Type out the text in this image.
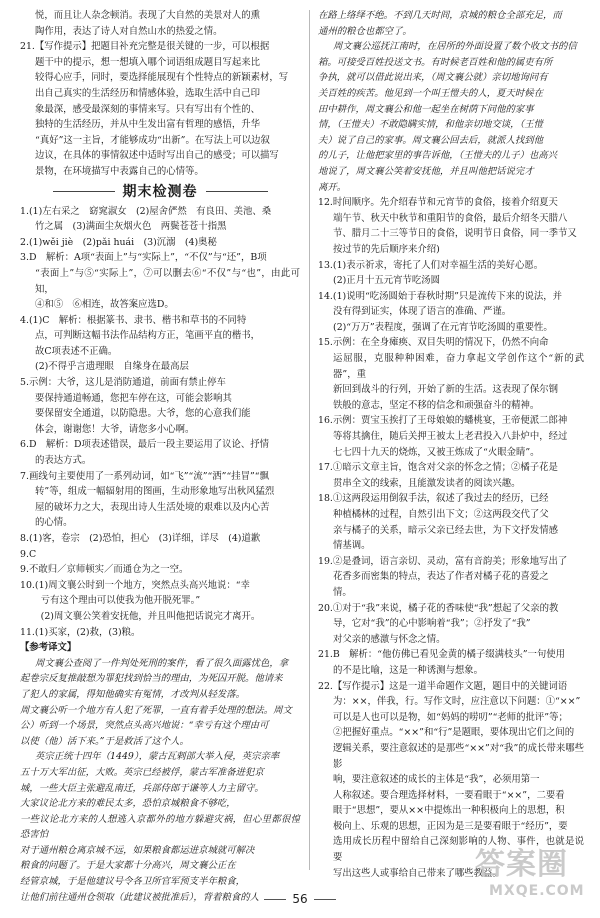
悦，而且让人杂念顿消。表现了大自然的美景对人的熏
陶作用，表达了诗人对自然山水的热爱之情。
21.【写作提示】把题目补充完整是很关键的一步，可以根据
题干中的提示，想一想填入哪个词语组成题目写起来比
较得心应手，同时，要选择能展现有个性特点的新颖素材，写
出自己真实的生活经历和情感体验，选取生活中自己印
象最深，感受最深刻的事情来写。只有写出有个性的、
独特的生活经历，并从中生发出富有哲理的感悟，升华
“真好”这一主旨，才能够成功“出新”。在写法上可以边叙
边议，在具体的事情叙述中适时写出自己的感受；可以描写
景物，在环境描写中表露自己的心情等。
期末检测卷
1.(1)左右采之　窈窕淑女　(2)屋舍俨然　有良田、美池、桑
竹之属　(3)满面尘灰烟火色　两鬓苍苍十指黑
2.(1)wěi jiè　(2)pǎi huái　(3)沉溺　(4)奥秘
3.D　解析：A项“表面上”与“实际上”，“不仅”与“还”，B项
“表面上”与⑤“实际上”，⑦可以删去⑥“不仅”与“也”，由此可知，
④和⑤　⑥相连，故答案应选D。
4.(1)C　解析：根据篆书、隶书、楷书和草书的不同特
点，可判断这幅书法作品结构方正，笔画平直的楷书，
故C项表述不正确。
(2)不得乎言遗理眼　自缘身在最高层
5.示例：大爷，这儿是消防通道，前面有禁止停车
要保持通道畅通，您把车停在这，可能会影响其
要保留安全通道，以防隐患。大爷，您的心意我们能
体会，谢谢您！大爷，请您多小心啊。
6.D　解析：D项表述错误，最后一段主要运用了议论、抒情
的表达方式。
7.画线句主要使用了一系列动词，如“飞”“流”“洒”“挂冒”“飘
转”等，组成一幅辐射用的图画，生动形象地写出秋风猛烈
屋的破坏力之大，表现出诗人生活处境的艰难以及内心苦
的心情。
8.(1)客，卷宗　(2)恐怕，担心　(3)详细，详尽　(4)道歉
9.C
9.不敢归／京师顿实／而通仓为之一空。
10.(1)周文襄公时到一个地方，突然点头高兴地说：“幸
亏有这个理由可以使我为他开脱死罪。”
(2)周文襄公笑着安抚他，并且叫他把话说完才离开。
11.(1)买家，(2)救，(3)粮。
【参考译文】
周文襄公查阅了一件判处死刑的案件，看了很久面露忧色，拿
起卷宗反复推敲想为罪犯找到恰当的理由，为死囚开脱。他请来
了犯人的家属，得知他确实有冤情，才改判从轻发落。
周文襄公听一个地方有人犯了死罪，一直有着手处理的想法。周文
公）听到一个场景，突然点头高兴地说：“幸亏有这个理由可
以使（他）活下来。”于是救活了这个人。
英宗正统十四年（1449），蒙古瓦剌部大举入侵，英宗亲率
五十万大军出征，大败。英宗已经被俘，蒙古军准备进犯京
城，一些大臣主张避乱南迁，兵部侍郎于谦等人力主留守。
大家议论北方来的难民太多，恐怕京城粮食不够吃，
一些议论北方来的人想逃入京都外的地方躲避灾祸，但心里都很惶恐害怕
对于通州粮仓离京城不远，如果粮食都运进京城就可解决
粮食的问题了。于是大家都十分高兴，周文襄公正在
经管京城，于是他建议号令各卫所官军预支半年粮食，
让他们前往通州仓领取（此建议被批准后），背着粮食的人
在路上络绎不绝。不到几天时间，京城的粮仓全部充足，而
通州的粮仓也都空了。
周文襄公巡抚江南时，在居所的外面设置了数个收文书的信
箱。可接受百姓投送文书。有时候老百姓和他的属吏有所
争执，就可以借此说出来，（周文襄公就）亲切地询问有
关百姓的疾苦。他见到一个叫王愷夫的人，夏天时候在
田中耕作，周文襄公和他一起坐在树荫下问他的家事
情，（王愷夫）不敢隐瞒实情，和他亲切地交谈，（王愷
夫）说了自己的家事。周文襄公回去后，就派人找到他
的儿子，让他把家里的事告诉他，（王愷夫的儿子）也高兴
地说了，周文襄公笑着安抚他，并且叫他把话说完才
离开。
12.时间顺序。先介绍春节和元宵节的食俗，接着介绍夏天
端午节、秋天中秋节和重阳节的食俗，最后介绍冬天腊八
节、腊月二十三等节日的食俗，说明节日食俗，同一季节又
按过节的先后顺序来介绍)
13.(1)表示祈求，寄托了人们对幸福生活的美好心愿。
(2)正月十五元宵节吃汤圆
14.(1)说明“吃汤圆始于春秋时期”只是流传下来的说法，并
没有得到证实，体现了语言的准确、严谨。
(2)“万万”表程度，强调了在元宵节吃汤圆的重要性。
15.示例：在全身瘫痪、双目失明的情况下，仍然不向命
运屈服，克服种种困难，奋力拿起文学创作这个“新的武器”，重
新回到战斗的行列，开始了新的生活。这表现了保尔钢
铁般的意志，坚定不移的信念和顽强奋斗的精神。
16.示例：贾宝玉挨打了王母娘娘的蟠桃宴，王帝便派二郎神
等将其擒住，随后关押王被太上老君投入八卦炉中，经过
七七四十九天的烧炼，又被王炼成了“火眼金睛”。
17.①暗示文章主旨，饱含对父亲的怀念之情；②橘子花是
贯串全文的线索，且能激发读者的阅读兴趣。
18.①这两段运用倒叙手法，叙述了我过去的经历，已经
种植橘林的过程，自然引出下文；②这两段交代了父
亲与橘子的关系，暗示父亲已经去世，为下文抒发情感
情基调。
19.②是叠词，语言亲切、灵动，富有音韵美；形象地写出了
花香多而密集的特点，表达了作者对橘子花的喜爱之
情。
20.①对于“我”来说，橘子花的香味使“我”想起了父亲的教
导，它对“我”的心中影响着“我”；②抒发了“我”
对父亲的感激与怀念之情。
21.B　解析：“他仿佛已看见金黄的橘子缀满枝头”一句使用
的不是比喻，这是一种诱测与想象。
22.【写作提示】这是一道半命题作文题，题目中的关键词语
为：××，伴我，行。写作文时，应注意以下问题：①“××”
可以是人也可以是物，如“妈妈的唠叨”“老师的批评”等；
②把握好重点。“××”和“行”是题眼，要体现出它们之间的
逻辑关系，要注意叙述的是那些“××”对“我”的成长带来哪些影
响，要注意叙述的成长的主体是“我”，必须用第一
人称叙述。要合理选择材料，一要看眼于“××”，二要看
眼于“思想”，要从××中提炼出一种积极向上的思想，积
极向上、乐观的思想，正因为是三是要看眼于“经历”，要
选用成长历程中留给自己深刻影响的人物、事件，也就是说要
写出这些人或事给自己带来了哪些教益。
56
答案圈
MXQE.COM
